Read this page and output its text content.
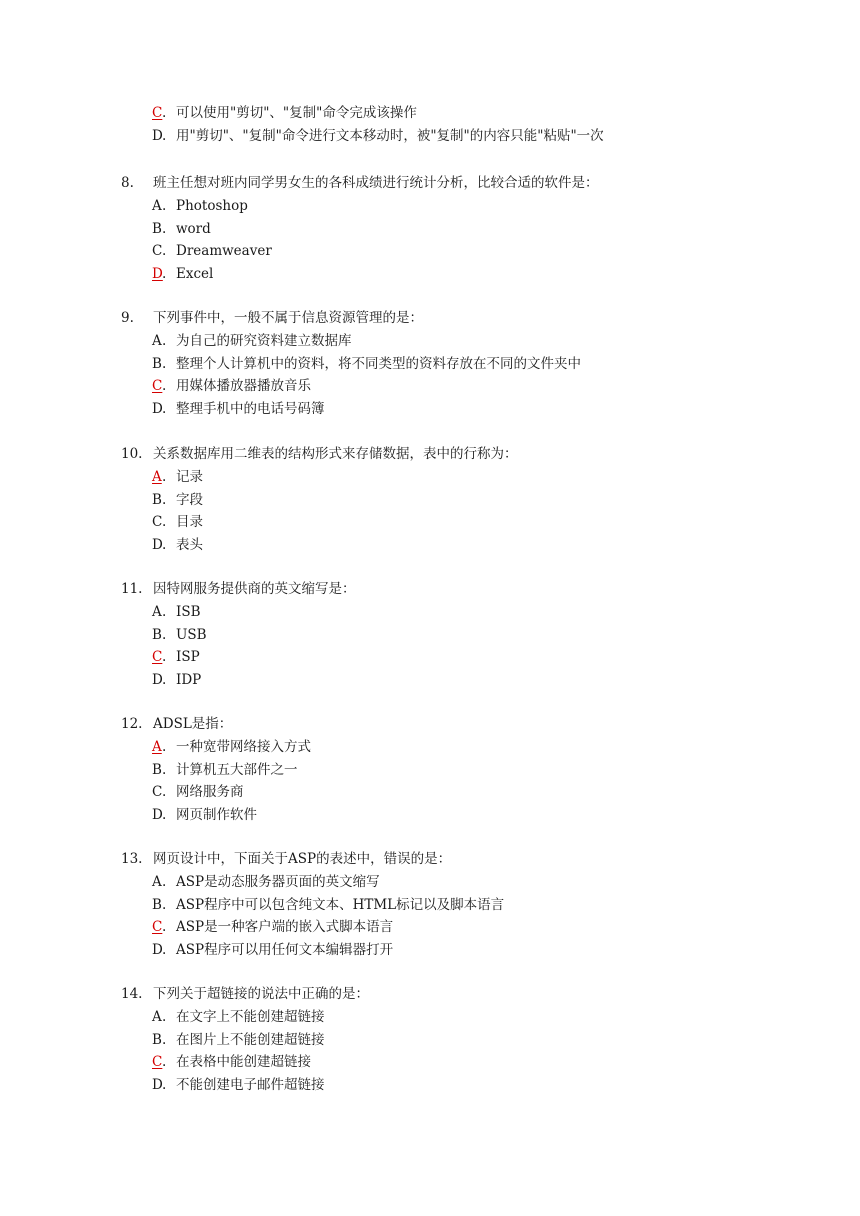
C. 可以使用"剪切"、"复制"命令完成该操作
D. 用"剪切"、"复制"命令进行文本移动时，被"复制"的内容只能"粘贴"一次
8. 班主任想对班内同学男女生的各科成绩进行统计分析，比较合适的软件是：
A. Photoshop
B. word
C. Dreamweaver
D. Excel
9. 下列事件中，一般不属于信息资源管理的是：
A. 为自己的研究资料建立数据库
B. 整理个人计算机中的资料，将不同类型的资料存放在不同的文件夹中
C. 用媒体播放器播放音乐
D. 整理手机中的电话号码簿
10. 关系数据库用二维表的结构形式来存储数据，表中的行称为：
A. 记录
B. 字段
C. 目录
D. 表头
11. 因特网服务提供商的英文缩写是：
A. ISB
B. USB
C. ISP
D. IDP
12. ADSL是指：
A. 一种宽带网络接入方式
B. 计算机五大部件之一
C. 网络服务商
D. 网页制作软件
13. 网页设计中，下面关于ASP的表述中，错误的是：
A. ASP是动态服务器页面的英文缩写
B. ASP程序中可以包含纯文本、HTML标记以及脚本语言
C. ASP是一种客户端的嵌入式脚本语言
D. ASP程序可以用任何文本编辑器打开
14. 下列关于超链接的说法中正确的是：
A. 在文字上不能创建超链接
B. 在图片上不能创建超链接
C. 在表格中能创建超链接
D. 不能创建电子邮件超链接
